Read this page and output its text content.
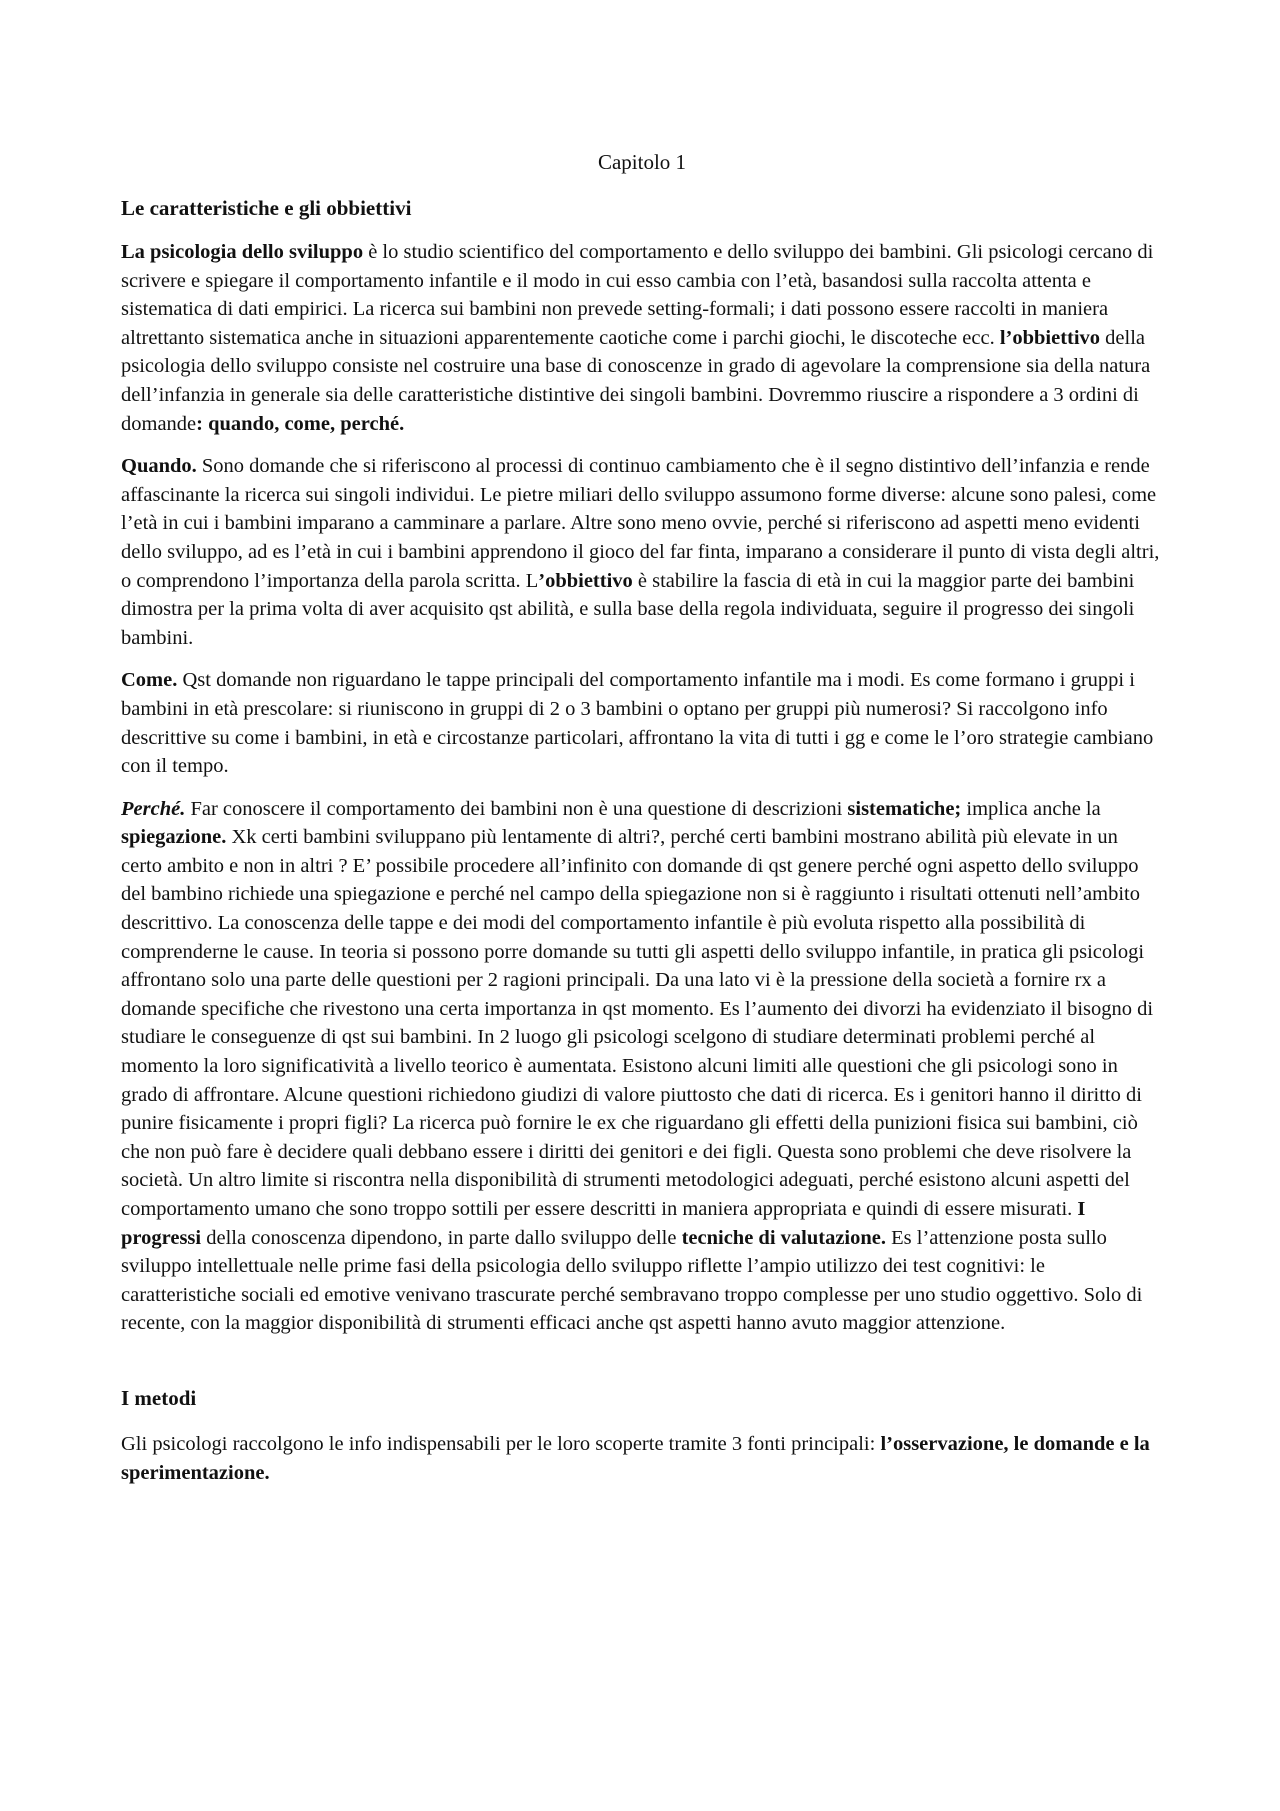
Capitolo 1
Le caratteristiche e gli obbiettivi

La psicologia dello sviluppo è lo studio scientifico del comportamento e dello sviluppo dei bambini. Gli psicologi cercano di scrivere e spiegare il comportamento infantile e il modo in cui esso cambia con l’età, basandosi sulla raccolta attenta e sistematica di dati empirici. La ricerca sui bambini non prevede setting-formali; i dati possono essere raccolti in maniera altrettanto sistematica anche in situazioni apparentemente caotiche come i parchi giochi, le discoteche ecc. l’obbiettivo della psicologia dello sviluppo consiste nel costruire una base di conoscenze in grado di agevolare la comprensione sia della natura dell’infanzia in generale sia delle caratteristiche distintive dei singoli bambini. Dovremmo riuscire a rispondere a 3 ordini di domande: quando, come, perché.

Quando. Sono domande che si riferiscono al processi di continuo cambiamento che è il segno distintivo dell’infanzia e rende affascinante la ricerca sui singoli individui. Le pietre miliari dello sviluppo assumono forme diverse: alcune sono palesi, come l’età in cui i bambini imparano a camminare a parlare. Altre sono meno ovvie, perché si riferiscono ad aspetti meno evidenti dello sviluppo, ad es l’età in cui i bambini apprendono il gioco del far finta, imparano a considerare il punto di vista degli altri, o comprendono l’importanza della parola scritta. L’obbiettivo è stabilire la fascia di età in cui la maggior parte dei bambini dimostra per la prima volta di aver acquisito qst abilità, e sulla base della regola individuata, seguire il progresso dei singoli bambini.

Come. Qst domande non riguardano le tappe principali del comportamento infantile ma i modi. Es come formano i gruppi i bambini in età prescolare: si riuniscono in gruppi di 2 o 3 bambini o optano per gruppi più numerosi? Si raccolgono info descrittive su come i bambini, in età e circostanze particolari, affrontano la vita di tutti i gg e come le l’oro strategie cambiano con il tempo.

Perché. Far conoscere il comportamento dei bambini non è una questione di descrizioni sistematiche; implica anche la spiegazione. Xk certi bambini sviluppano più lentamente di altri?, perché certi bambini mostrano abilità più elevate in un certo ambito e non in altri ? E’ possibile procedere all’infinito con domande di qst genere perché ogni aspetto dello sviluppo del bambino richiede una spiegazione e perché nel campo della spiegazione non si è raggiunto i risultati ottenuti nell’ambito descrittivo. La conoscenza delle tappe e dei modi del comportamento infantile è più evoluta rispetto alla possibilità di comprenderne le cause. In teoria si possono porre domande su tutti gli aspetti dello sviluppo infantile, in pratica gli psicologi affrontano solo una parte delle questioni per 2 ragioni principali. Da una lato vi è la pressione della società a fornire rx a domande specifiche che rivestono una certa importanza in qst momento. Es l’aumento dei divorzi ha evidenziato il bisogno di studiare le conseguenze di qst sui bambini. In 2 luogo gli psicologi scelgono di studiare determinati problemi perché al momento la loro significatività a livello teorico è aumentata. Esistono alcuni limiti alle questioni che gli psicologi sono in grado di affrontare. Alcune questioni richiedono giudizi di valore piuttosto che dati di ricerca. Es i genitori hanno il diritto di punire fisicamente i propri figli? La ricerca può fornire le ex che riguardano gli effetti della punizioni fisica sui bambini, ciò che non può fare è decidere quali debbano essere i diritti dei genitori e dei figli. Questa sono problemi che deve risolvere la società. Un altro limite si riscontra nella disponibilità di strumenti metodologici adeguati, perché esistono alcuni aspetti del comportamento umano che sono troppo sottili per essere descritti in maniera appropriata e quindi di essere misurati. I progressi della conoscenza dipendono, in parte dallo sviluppo delle tecniche di valutazione. Es l’attenzione posta sullo sviluppo intellettuale nelle prime fasi della psicologia dello sviluppo riflette l’ampio utilizzo dei test cognitivi: le caratteristiche sociali ed emotive venivano trascurate perché sembravano troppo complesse per uno studio oggettivo. Solo di recente, con la maggior disponibilità di strumenti efficaci anche qst aspetti hanno avuto maggior attenzione.

I metodi

Gli psicologi raccolgono le info indispensabili per le loro scoperte tramite 3 fonti principali: l’osservazione, le domande e la sperimentazione.
